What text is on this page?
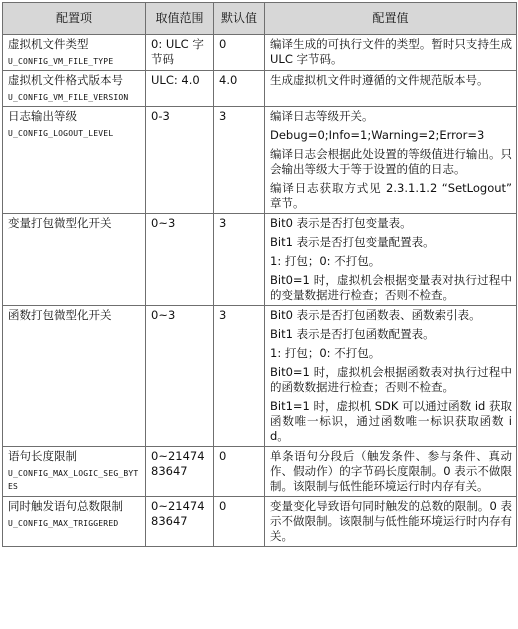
配置项	取值范围	默认值	配置值

虚拟机文件类型
U_CONFIG_VM_FILE_TYPE	0: ULC 字节码	0	编译生成的可执行文件的类型。暂时只支持生成 ULC 字节码。

虚拟机文件格式版本号
U_CONFIG_VM_FILE_VERSION	ULC: 4.0	4.0	生成虚拟机文件时遵循的文件规范版本号。

日志输出等级
U_CONFIG_LOGOUT_LEVEL	0-3	3	编译日志等级开关。
Debug=0;Info=1;Warning=2;Error=3
编译日志会根据此处设置的等级值进行输出。只会输出等级大于等于设置的值的日志。
编译日志获取方式见 2.3.1.1.2 “SetLogout” 章节。

变量打包微型化开关	0~3	3	Bit0 表示是否打包变量表。
Bit1 表示是否打包变量配置表。
1: 打包；0: 不打包。
Bit0=1 时，虚拟机会根据变量表对执行过程中的变量数据进行检查；否则不检查。

函数打包微型化开关	0~3	3	Bit0 表示是否打包函数表、函数索引表。
Bit1 表示是否打包函数配置表。
1: 打包；0: 不打包。
Bit0=1 时，虚拟机会根据函数表对执行过程中的函数数据进行检查；否则不检查。
Bit1=1 时，虚拟机 SDK 可以通过函数 id 获取函数唯一标识，通过函数唯一标识获取函数 id。

语句长度限制
U_CONFIG_MAX_LOGIC_SEG_BYTES	0~2147483647	0	单条语句分段后（触发条件、参与条件、真动作、假动作）的字节码长度限制。0 表示不做限制。该限制与低性能环境运行时内存有关。

同时触发语句总数限制
U_CONFIG_MAX_TRIGGERED	0~2147483647	0	变量变化导致语句同时触发的总数的限制。0 表示不做限制。该限制与低性能环境运行时内存有关。
